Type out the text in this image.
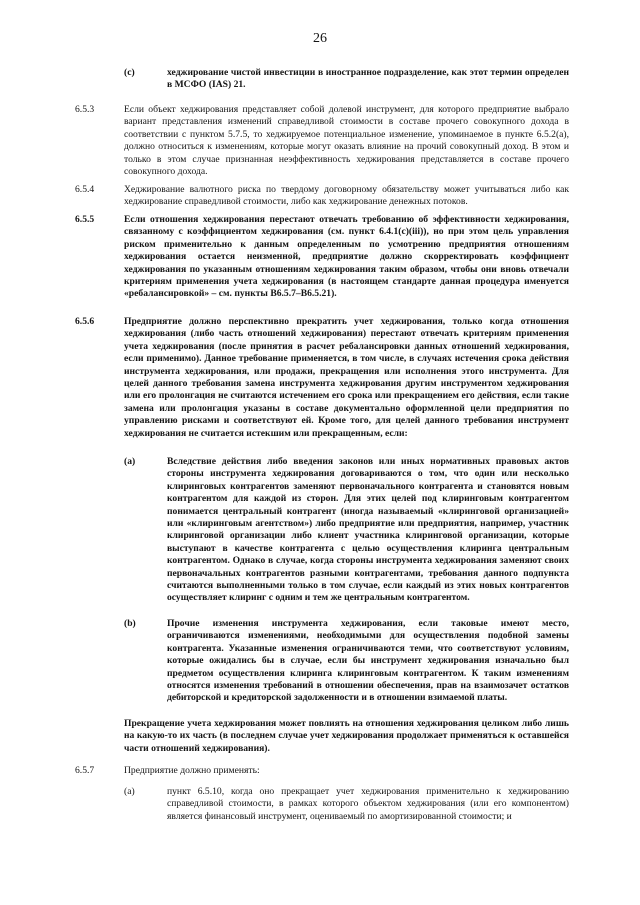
26
(c)	хеджирование чистой инвестиции в иностранное подразделение, как этот термин определен в МСФО (IAS) 21.
6.5.3	Если объект хеджирования представляет собой долевой инструмент, для которого предприятие выбрало вариант представления изменений справедливой стоимости в составе прочего совокупного дохода в соответствии с пунктом 5.7.5, то хеджируемое потенциальное изменение, упоминаемое в пункте 6.5.2(а), должно относиться к изменениям, которые могут оказать влияние на прочий совокупный доход. В этом и только в этом случае признанная неэффективность хеджирования представляется в составе прочего совокупного дохода.
6.5.4	Хеджирование валютного риска по твердому договорному обязательству может учитываться либо как хеджирование справедливой стоимости, либо как хеджирование денежных потоков.
6.5.5	Если отношения хеджирования перестают отвечать требованию об эффективности хеджирования, связанному с коэффициентом хеджирования (см. пункт 6.4.1(с)(iii)), но при этом цель управления риском применительно к данным определенным по усмотрению предприятия отношениям хеджирования остается неизменной, предприятие должно скорректировать коэффициент хеджирования по указанным отношениям хеджирования таким образом, чтобы они вновь отвечали критериям применения учета хеджирования (в настоящем стандарте данная процедура именуется «ребалансировкой» – см. пункты В6.5.7–В6.5.21).
6.5.6	Предприятие должно перспективно прекратить учет хеджирования, только когда отношения хеджирования (либо часть отношений хеджирования) перестают отвечать критериям применения учета хеджирования (после принятия в расчет ребалансировки данных отношений хеджирования, если применимо). Данное требование применяется, в том числе, в случаях истечения срока действия инструмента хеджирования, или продажи, прекращения или исполнения этого инструмента. Для целей данного требования замена инструмента хеджирования другим инструментом хеджирования или его пролонгация не считаются истечением его срока или прекращением его действия, если такие замена или пролонгация указаны в составе документально оформленной цели предприятия по управлению рисками и соответствуют ей. Кроме того, для целей данного требования инструмент хеджирования не считается истекшим или прекращенным, если:
(a)	Вследствие действия либо введения законов или иных нормативных правовых актов стороны инструмента хеджирования договариваются о том, что один или несколько клиринговых контрагентов заменяют первоначального контрагента и становятся новым контрагентом для каждой из сторон. Для этих целей под клиринговым контрагентом понимается центральный контрагент (иногда называемый «клиринговой организацией» или «клиринговым агентством») либо предприятие или предприятия, например, участник клиринговой организации либо клиент участника клиринговой организации, которые выступают в качестве контрагента с целью осуществления клиринга центральным контрагентом. Однако в случае, когда стороны инструмента хеджирования заменяют своих первоначальных контрагентов разными контрагентами, требования данного подпункта считаются выполненными только в том случае, если каждый из этих новых контрагентов осуществляет клиринг с одним и тем же центральным контрагентом.
(b)	Прочие изменения инструмента хеджирования, если таковые имеют место, ограничиваются изменениями, необходимыми для осуществления подобной замены контрагента. Указанные изменения ограничиваются теми, что соответствуют условиям, которые ожидались бы в случае, если бы инструмент хеджирования изначально был предметом осуществления клиринга клиринговым контрагентом. К таким изменениям относятся изменения требований в отношении обеспечения, прав на взаимозачет остатков дебиторской и кредиторской задолженности и в отношении взимаемой платы.
Прекращение учета хеджирования может повлиять на отношения хеджирования целиком либо лишь на какую-то их часть (в последнем случае учет хеджирования продолжает применяться к оставшейся части отношений хеджирования).
6.5.7	Предприятие должно применять:
(a)	пункт 6.5.10, когда оно прекращает учет хеджирования применительно к хеджированию справедливой стоимости, в рамках которого объектом хеджирования (или его компонентом) является финансовый инструмент, оцениваемый по амортизированной стоимости; и
